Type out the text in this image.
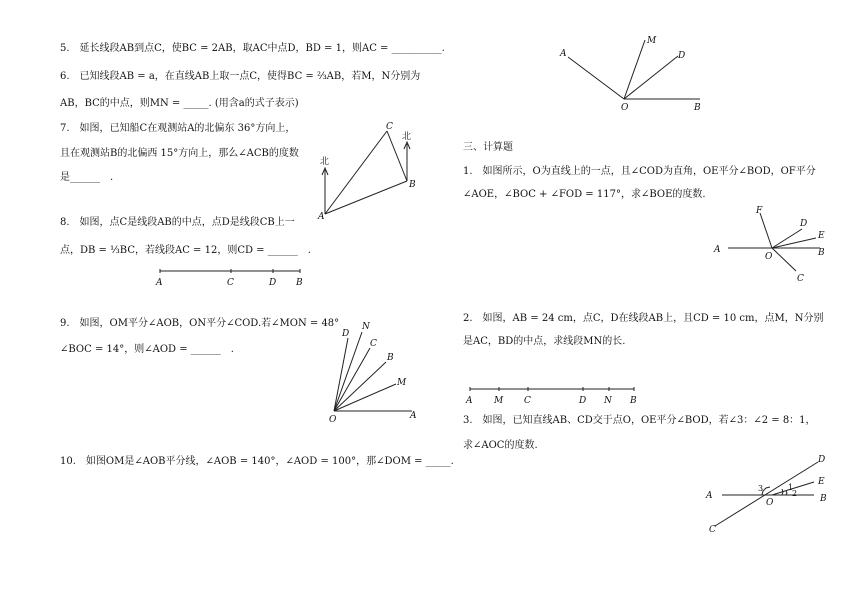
5.　延长线段AB到点C，使BC = 2AB，取AC中点D，BD = 1，则AC = __________.
6.　已知线段AB = a，在直线AB上取一点C，使得BC = ⅔AB，若M，N分别为
AB，BC的中点，则MN = _____. (用含a的式子表示)
7.　如图，已知船C在观测站A的北偏东 36°方向上，
且在观测站B的北偏西 15°方向上，那么∠ACB的度数
是______　.
8.　如图，点C是线段AB的中点，点D是线段CB上一
点，DB = ⅓BC，若线段AC = 12，则CD = ______　.
9.　如图，OM平分∠AOB，ON平分∠COD.若∠MON = 48°
∠BOC = 14°，则∠AOD = ______　.
10.　如图OM是∠AOB平分线，∠AOB = 140°，∠AOD = 100°，那∠DOM = _____.
三、计算题
1.　如图所示，O为直线上的一点，且∠COD为直角，OE平分∠BOD，OF平分
∠AOE，∠BOC + ∠FOD = 117°，求∠BOE的度数.
2.　如图，AB = 24 cm，点C，D在线段AB上，且CD = 10 cm，点M，N分别
是AC，BD的中点，求线段MN的长.
3.　如图，已知直线AB、CD交于点O，OE平分∠BOD，若∠3：∠2 = 8：1，
求∠AOC的度数.
A
M
D
O	B
C
北
北
A
B
A	C	D B
D
N
C
B
M
O	A
F
D
E
A
O	B
C
A M C	D N B
D
E
A
3	1
2
O	B
C
